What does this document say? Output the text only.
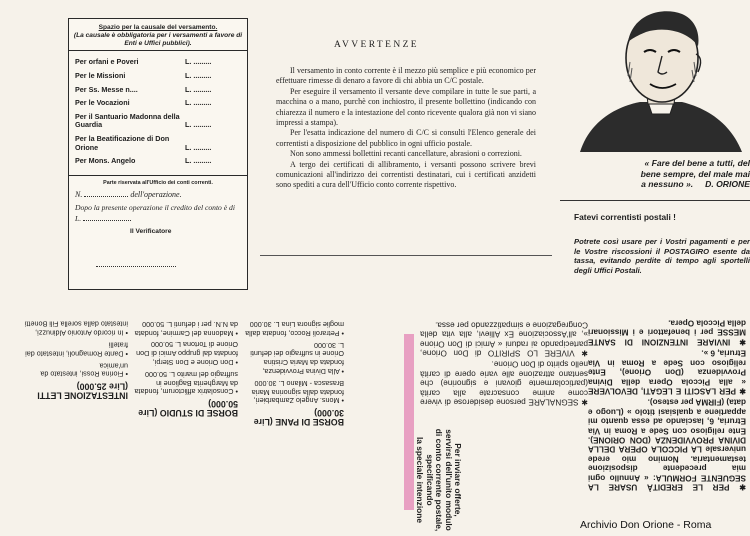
Spazio per la causale del versamento.
(La causale è obbligatoria per i versamenti a favore di Enti e Uffici pubblici).
Per orfani e Poveri	L. .........
Per le Missioni	L. .........
Per Ss. Messe n....	L. .........
Per le Vocazioni	L. .........
Per il Santuario Madonna della Guardia	L. .........
Per la Beatificazione di Don Orione	L. .........
Per Mons. Angelo	L. .........
Parte riservata all'Ufficio dei conti correnti.
N.	dell'operazione.
Dopo la presente operazione il credito del conto è di L.
Il Verificatore
AVVERTENZE

Il versamento in conto corrente è il mezzo più semplice e più economico per effettuare rimesse di denaro a favore di chi abbia un C/C postale.

Per eseguire il versamento il versante deve compilare in tutte le sue parti, a macchina o a mano, purchè con inchiostro, il presente bollettino (indicando con chiarezza il numero e la intestazione del conto ricevente qualora già non vi siano impressi a stampa).

Per l'esatta indicazione del numero di C/C si consulti l'Elenco generale dei correntisti a disposizione del pubblico in ogni ufficio postale.

Non sono ammessi bollettini recanti cancellature, abrasioni o correzioni.

A tergo dei certificati di allibramento, i versanti possono scrivere brevi comunicazioni all'indirizzo dei correntisti destinatari, cui i certificati anzidetti sono spediti a cura dell'Ufficio conto corrente rispettivo.

« Fare del bene a tutti, del
bene sempre, del male mai
a nessuno ». D. ORIONE
Fatevi correntisti postali !
Potrete così usare per i Vostri pagamenti e per le Vostre riscossioni il POSTAGIRO esente da tassa, evitando perdite di tempo agli sportelli degli Uffici Postali.
✱ PER LE EREDITÀ USARE LA SEGUENTE FORMULA: « Annullo ogni mia precedente disposizione testamentaria. Nomino mio erede universale LA PICCOLA OPERA DELLA DIVINA PROVVIDENZA (DON ORIONE). Ente religioso con Sede a Roma in Via Etruria, 6, lasciando ad essa quanto mi appartiene a qualsiasi titolo » (Luogo e data) (FIRMA per esteso).
✱ PER LASCITI E LEGATI, DEVOLVERE « alla Piccola Opera della Divina Provvidenza (Don Orione), Ente religioso con Sede a Roma in Via Etruria, 6 ».
✱ INVIARE INTENZIONI DI SANTE MESSE per i benefattori e i Missionari della Piccola Opera.
✱ SEGNALARE persone desiderose di vivere come anime consacrate alla carità (particolarmente giovani e signorine) che sentano attrazione alle varie opere di carità nello spirito di Don Orione.
✱ VIVERE LO SPIRITO di Don Orione, partecipando ai raduni « Amici di Don Orione », all'Associazione Ex Allievi, alla vita della Congregazione e simpatizzando per essa.
Per inviare offerte,
servirsi dell'unito modulo
di conto corrente postale,
specificando
la speciale intenzione
BORSE DI PANE (Lire 30.000)
• Mons. Angelo Zambarbieri, fondata dalla signorina Maria Brasasca - Milano L. 30.000
• Alla Divina Provvidenza, fondata da Maria Cristina Orione in suffragio dei defunti L. 30.000
• Petraroli Rocco, fondata dalla moglie signora Lina L. 30.000
BORSE DI STUDIO (Lire 50.000)
• Consolatrix afflictorum, fondata da Margherita Baglione in suffragio del marito L. 50.000
• Don Orione e Don Sterpi, fondata dal gruppo Amici di Don Orione di Tortona L. 50.000
• Madonna del Carmine, fondata da N.N. per i defunti L. 50.000
INTESTAZIONE LETTI (Lire 25.000)
• Fiorina Rossi, intestato da un'amica
• Dante Romagnoli, intestato dai fratelli
• In ricordo Antonio Aldinuzzi, intestato dalla sorella Fili Bonetti
Archivio Don Orione - Roma
